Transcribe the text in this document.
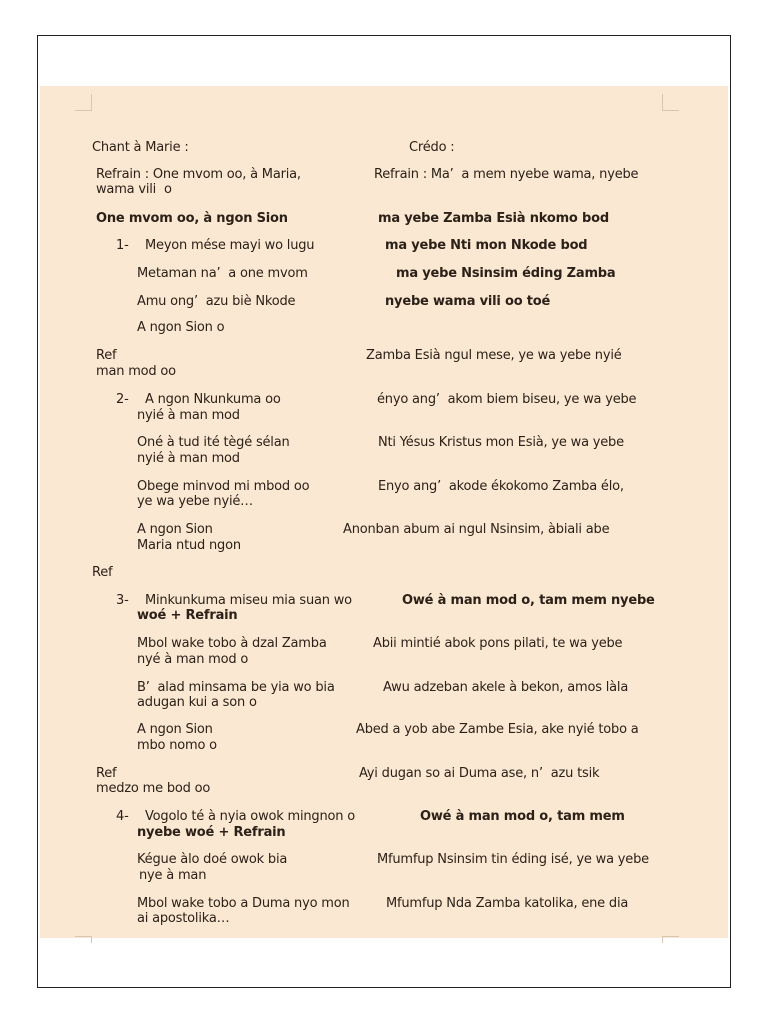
Chant à Marie :	Crédo :
Refrain : One mvom oo, à Maria,
wama vili  o
One mvom oo, à ngon Sion
1- Meyon mése mayi wo lugu
Metaman na’  a one mvom
Amu ong’  azu biè Nkode
A ngon Sion o
Ref
man mod oo
2- A ngon Nkunkuma oo
nyié à man mod
Oné à tud ité tègé sélan
nyié à man mod
Obege minvod mi mbod oo
ye wa yebe nyié…
A ngon Sion
Maria ntud ngon
Ref
3- Minkunkuma miseu mia suan wo
woé + Refrain
Mbol wake tobo à dzal Zamba
nyé à man mod o
B’  alad minsama be yia wo bia
adugan kui a son o
A ngon Sion
mbo nomo o
Ref
medzo me bod oo
4- Vogolo té à nyia owok mingnon o
nyebe woé + Refrain
Kégue àlo doé owok bia
nye à man
Mbol wake tobo a Duma nyo mon
ai apostolika…
Refrain : Ma’  a mem nyebe wama, nyebe
ma yebe Zamba Esià nkomo bod
ma yebe Nti mon Nkode bod
ma yebe Nsinsim éding Zamba
nyebe wama vili oo toé
Zamba Esià ngul mese, ye wa yebe nyié
ényo ang’  akom biem biseu, ye wa yebe
Nti Yésus Kristus mon Esià, ye wa yebe
Enyo ang’  akode ékokomo Zamba élo,
Anonban abum ai ngul Nsinsim, àbiali abe
Owé à man mod o, tam mem nyebe
Abii mintié abok pons pilati, te wa yebe
Awu adzeban akele à bekon, amos làla
Abed a yob abe Zambe Esia, ake nyié tobo a
Ayi dugan so ai Duma ase, n’  azu tsik
Owé à man mod o, tam mem
Mfumfup Nsinsim tin éding isé, ye wa yebe
Mfumfup Nda Zamba katolika, ene dia
